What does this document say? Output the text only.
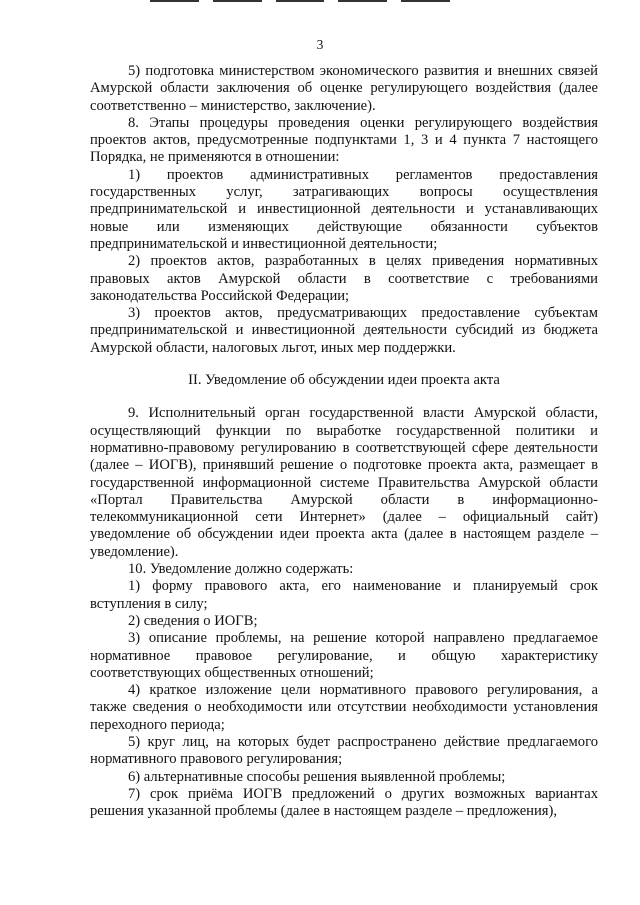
3

5) подготовка министерством экономического развития и внешних связей Амурской области заключения об оценке регулирующего воздействия (далее соответственно – министерство, заключение).

8. Этапы процедуры проведения оценки регулирующего воздействия проектов актов, предусмотренные подпунктами 1, 3 и 4 пункта 7 настоящего Порядка, не применяются в отношении:

1) проектов административных регламентов предоставления государственных услуг, затрагивающих вопросы осуществления предпринимательской и инвестиционной деятельности и устанавливающих новые или изменяющих действующие обязанности субъектов предпринимательской и инвестиционной деятельности;

2) проектов актов, разработанных в целях приведения нормативных правовых актов Амурской области в соответствие с требованиями законодательства Российской Федерации;

3) проектов актов, предусматривающих предоставление субъектам предпринимательской и инвестиционной деятельности субсидий из бюджета Амурской области, налоговых льгот, иных мер поддержки.

II. Уведомление об обсуждении идеи проекта акта

9. Исполнительный орган государственной власти Амурской области, осуществляющий функции по выработке государственной политики и нормативно-правовому регулированию в соответствующей сфере деятельности (далее – ИОГВ), принявший решение о подготовке проекта акта, размещает в государственной информационной системе Правительства Амурской области «Портал Правительства Амурской области в информационно-телекоммуникационной сети Интернет» (далее – официальный сайт) уведомление об обсуждении идеи проекта акта (далее в настоящем разделе – уведомление).

10. Уведомление должно содержать:

1) форму правового акта, его наименование и планируемый срок вступления в силу;

2) сведения о ИОГВ;

3) описание проблемы, на решение которой направлено предлагаемое нормативное правовое регулирование, и общую характеристику соответствующих общественных отношений;

4) краткое изложение цели нормативного правового регулирования, а также сведения о необходимости или отсутствии необходимости установления переходного периода;

5) круг лиц, на которых будет распространено действие предлагаемого нормативного правового регулирования;

6) альтернативные способы решения выявленной проблемы;

7) срок приёма ИОГВ предложений о других возможных вариантах решения указанной проблемы (далее в настоящем разделе – предложения),
